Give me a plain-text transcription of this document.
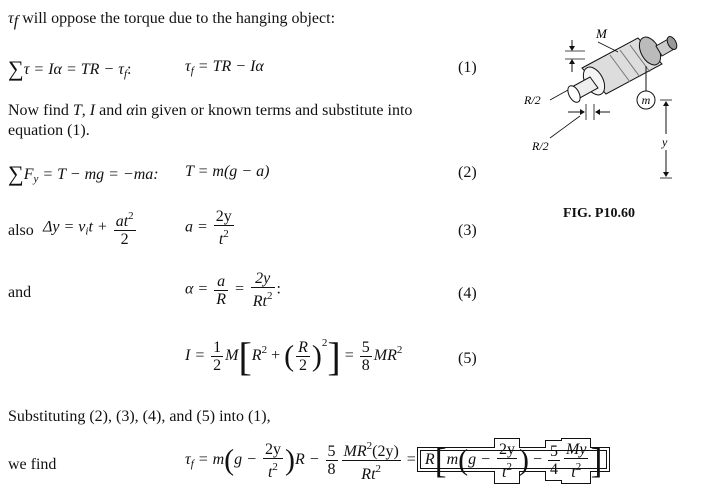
$\tau_f$ will oppose the torque due to the hanging object:
∑τ = Iα = TR − $\tau_f$:	$\tau_f$ = TR − Iα	(1)
Now find T, I and αin given or known terms and substitute into
equation (1).
$\sum F_y = T$ − mg = −ma: T = m(g − a)	(2)
also $\Delta y = v_it + \frac{at^2}{2}$	$a = \frac{2y}{t^2}$	(3)
and	$\alpha = \frac{a}{R} = \frac{2y}{Rt^2}$ :	(4)
$I = \frac{1}{2} M[R^2$ + ( $\frac{R}{2} )^2] = \frac{5}{8} MR^2$	(5)
Substituting (2), (3), (4), and (5) into (1),
we find	$\tau_f = m(g - \frac{2y}{t^2} )R - \frac{5}{8} \frac{MR^2(2y)}{Rt^2} = R[m(g - \frac{2y}{t^2}$ ) − $\frac{5}{4} \frac{My}{t^2}$ ]
m
M
R/2
R/2	y
FIG. P10.60
